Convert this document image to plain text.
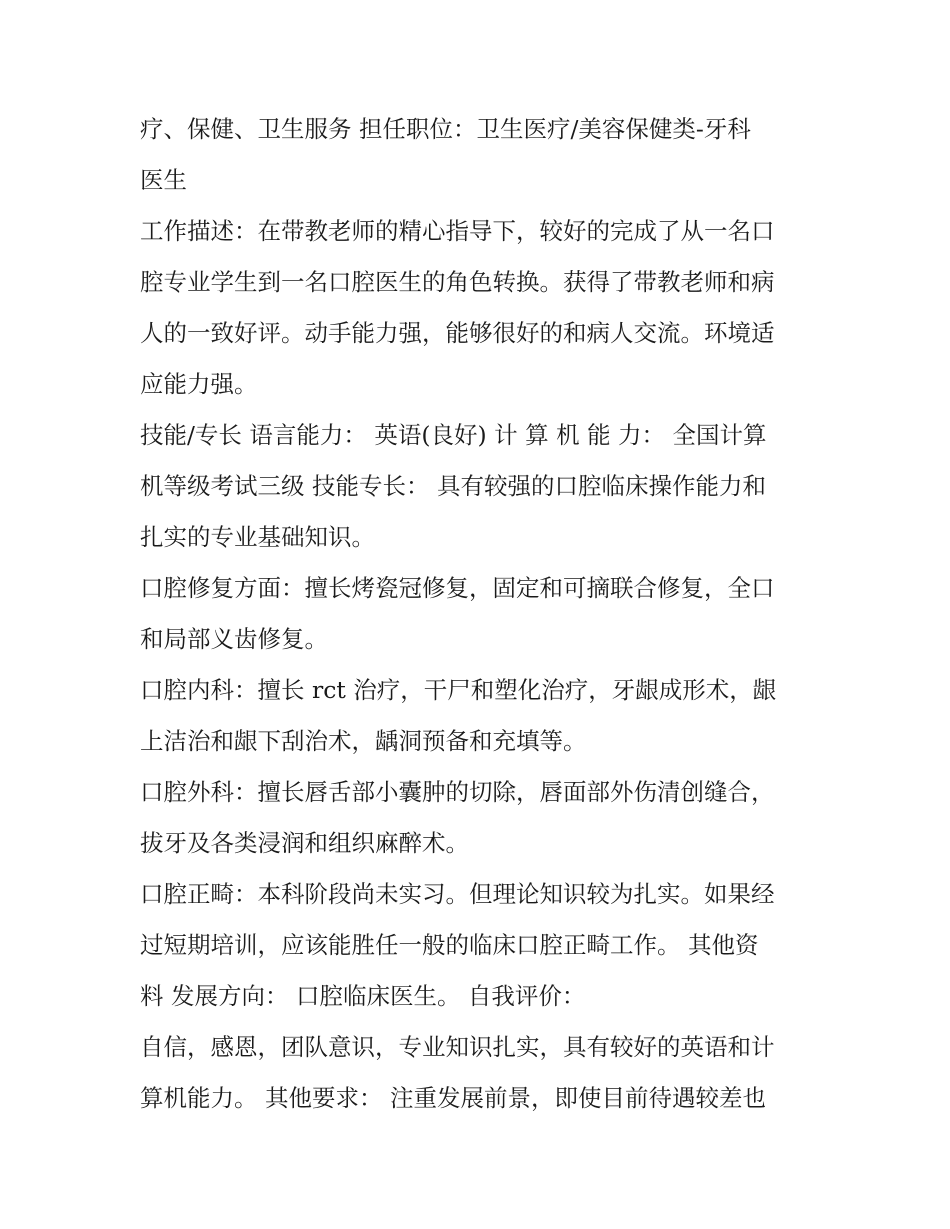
疗、保健、卫生服务 担任职位：卫生医疗/美容保健类-牙科
医生
工作描述：在带教老师的精心指导下，较好的完成了从一名口
腔专业学生到一名口腔医生的角色转换。获得了带教老师和病
人的一致好评。动手能力强，能够很好的和病人交流。环境适
应能力强。
技能/专长 语言能力： 英语(良好) 计 算 机 能 力： 全国计算
机等级考试三级 技能专长： 具有较强的口腔临床操作能力和
扎实的专业基础知识。
口腔修复方面：擅长烤瓷冠修复，固定和可摘联合修复，全口
和局部义齿修复。
口腔内科：擅长 rct 治疗，干尸和塑化治疗，牙龈成形术，龈
上洁治和龈下刮治术，龋洞预备和充填等。
口腔外科：擅长唇舌部小囊肿的切除，唇面部外伤清创缝合，
拔牙及各类浸润和组织麻醉术。
口腔正畸：本科阶段尚未实习。但理论知识较为扎实。如果经
过短期培训，应该能胜任一般的临床口腔正畸工作。 其他资
料 发展方向： 口腔临床医生。 自我评价：
自信，感恩，团队意识，专业知识扎实，具有较好的英语和计
算机能力。 其他要求： 注重发展前景，即使目前待遇较差也
